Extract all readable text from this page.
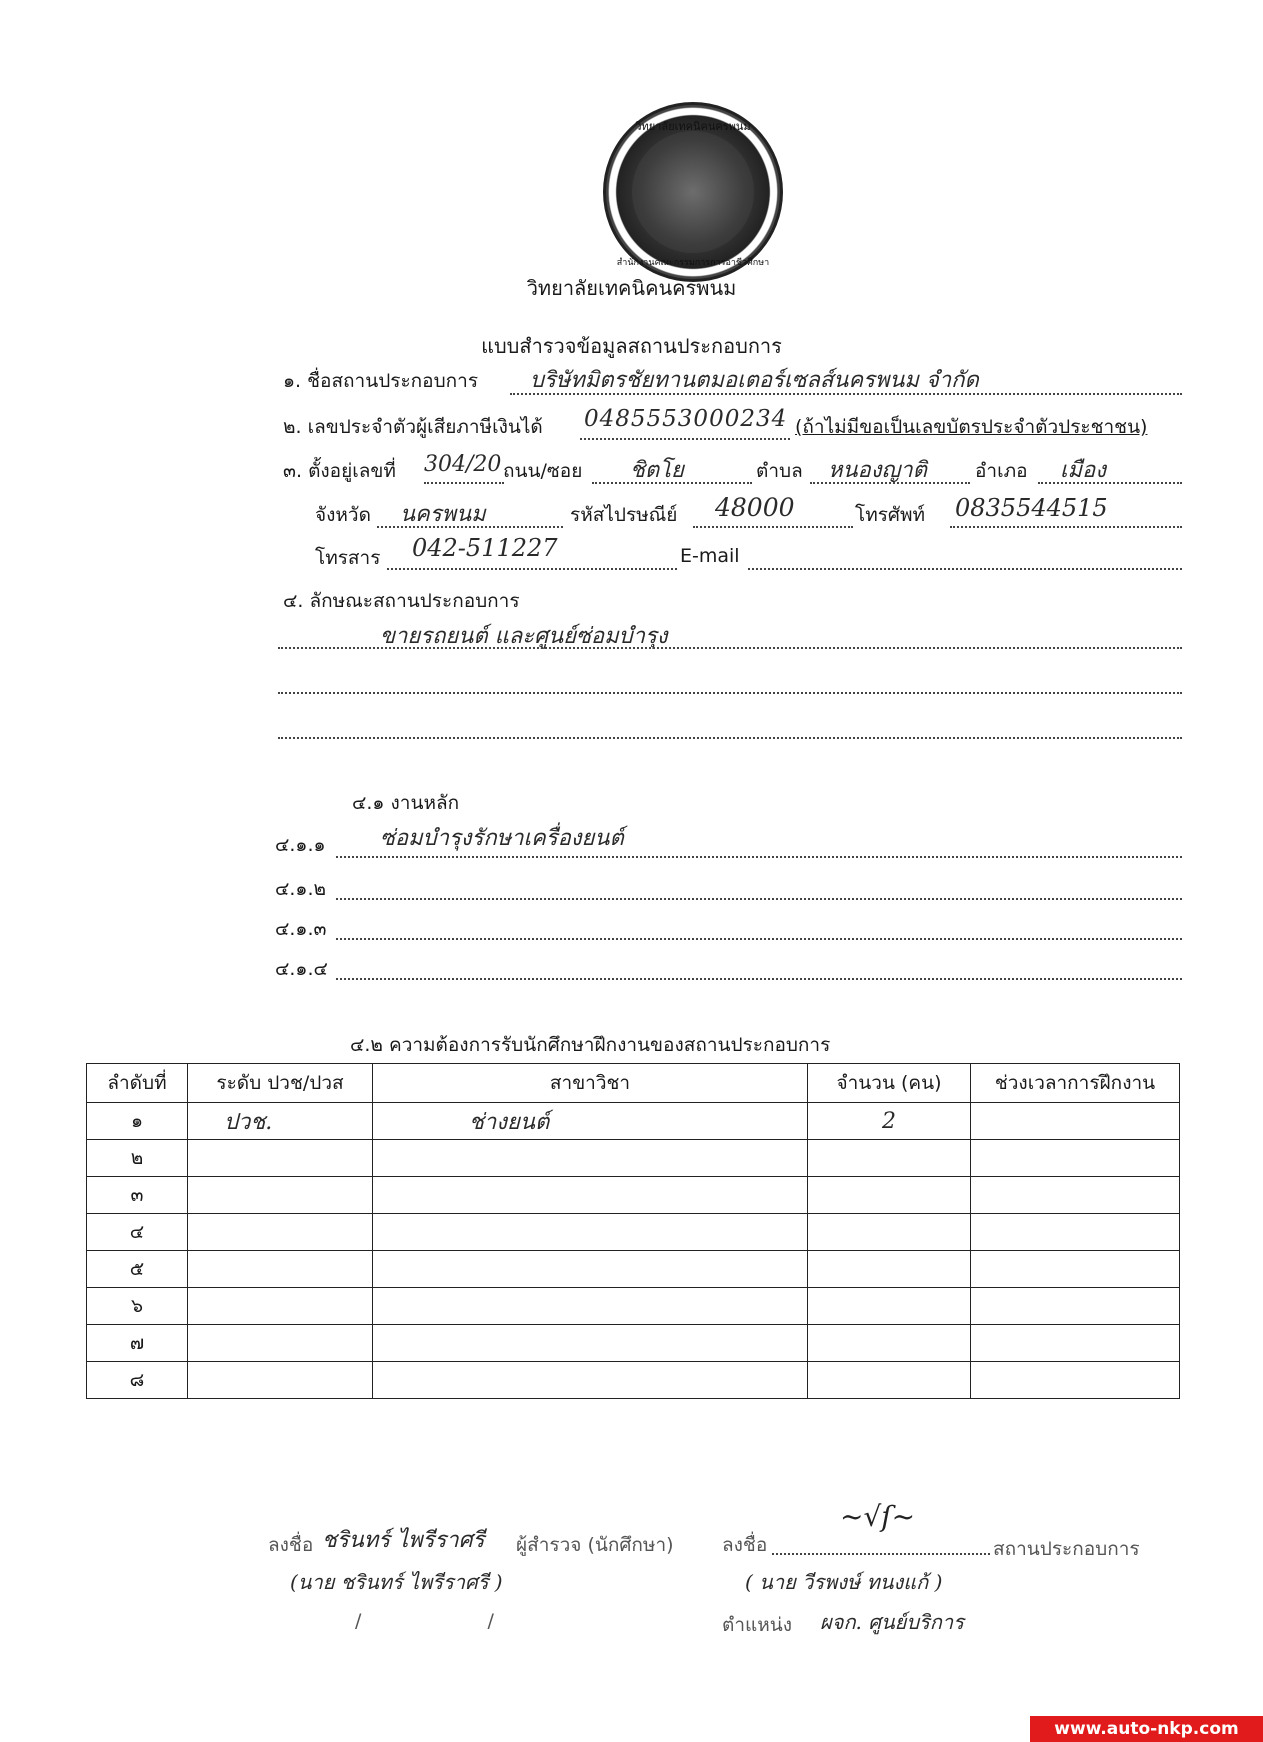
วิทยาลัยเทคนิคนครพนม
สำนักงานคณะกรรมการการอาชีวศึกษา
วิทยาลัยเทคนิคนครพนม
แบบสำรวจข้อมูลสถานประกอบการ
๑. ชื่อสถานประกอบการ บริษัทมิตรชัยทานตมอเตอร์เซลส์นครพนม จำกัด
๒. เลขประจำตัวผู้เสียภาษีเงินได้ 0485553000234 (ถ้าไม่มีขอเป็นเลขบัตรประจำตัวประชาชน)
๓. ตั้งอยู่เลขที่ 304/20 ถนน/ซอย ชิตโย	ตำบล หนองญาติ	อำเภอ เมือง
จังหวัด นครพนม	รหัสไปรษณีย์ 48000	โทรศัพท์ 0835544515
โทรสาร 042-511227	E-mail
๔. ลักษณะสถานประกอบการ
ขายรถยนต์ และศูนย์ซ่อมบำรุง
๔.๑ งานหลัก
๔.๑.๑ ซ่อมบำรุงรักษาเครื่องยนต์
๔.๑.๒
๔.๑.๓
๔.๑.๔
๔.๒ ความต้องการรับนักศึกษาฝึกงานของสถานประกอบการ
ลำดับที่	ระดับ ปวช/ปวส	สาขาวิชา	จำนวน (คน)	ช่วงเวลาการฝึกงาน
๑	ปวช.	ช่างยนต์	2	
๒				
๓				
๔				
๕				
๖				
๗				
๘				
ลงชื่อ ชรินทร์ ไพรีราศรี ผู้สำรวจ (นักศึกษา)
(นาย ชรินทร์ ไพรีราศรี )
/ /
ลงชื่อ
~√ſ~
สถานประกอบการ
( นาย วีรพงษ์ ทนงแก้ )
ตำแหน่ง ผจก. ศูนย์บริการ
www.auto-nkp.com
